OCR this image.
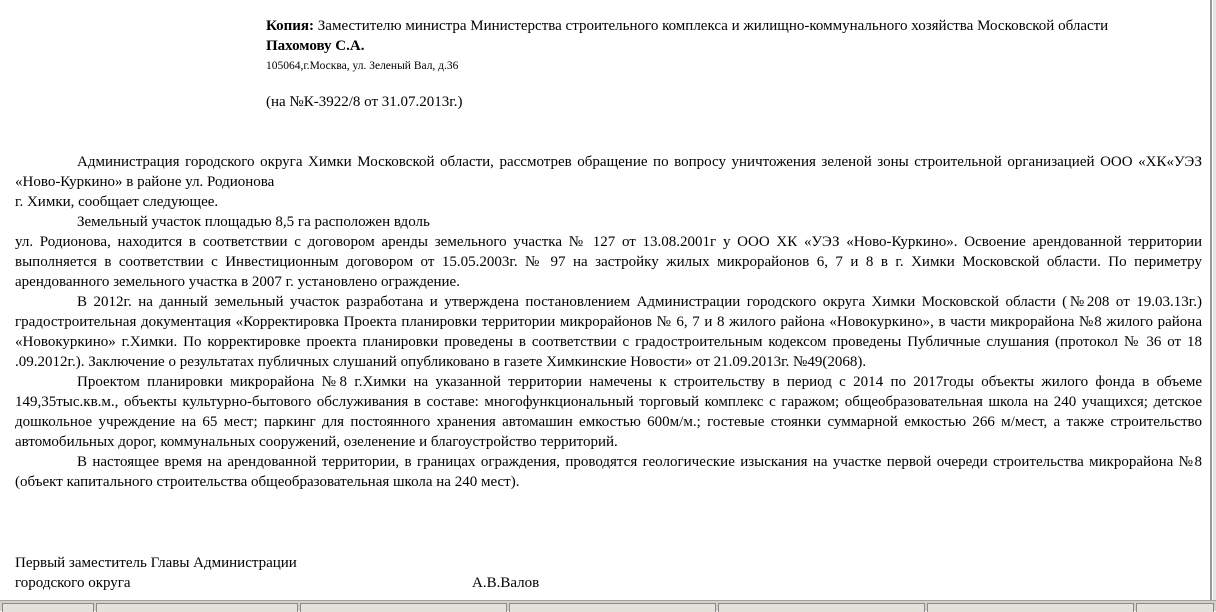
Копия: Заместителю министра Министерства строительного комплекса и жилищно-коммунального хозяйства Московской области
Пахомову С.А.
105064,г.Москва, ул. Зеленый Вал, д.36
(на №К-3922/8 от 31.07.2013г.)

Администрация городского округа Химки Московской области, рассмотрев обращение по вопросу уничтожения зеленой зоны строительной организацией ООО «ХК«УЭЗ «Ново-Куркино» в районе ул. Родионова

г. Химки, сообщает следующее.

Земельный участок площадью 8,5 га расположен вдоль

ул. Родионова, находится в соответствии с договором аренды земельного участка № 127 от 13.08.2001г у ООО ХК «УЭЗ «Ново-Куркино». Освоение арендованной территории выполняется в соответствии с Инвестиционным договором от 15.05.2003г. № 97 на застройку жилых микрорайонов 6, 7 и 8 в г. Химки Московской области. По периметру арендованного земельного участка в 2007 г. установлено ограждение.

В 2012г. на данный земельный участок разработана и утверждена постановлением Администрации городского округа Химки Московской области (№208 от 19.03.13г.) градостроительная документация «Корректировка Проекта планировки территории микрорайонов № 6, 7 и 8 жилого района «Новокуркино», в части микрорайона №8 жилого района «Новокуркино» г.Химки. По корректировке проекта планировки проведены в соответствии с градостроительным кодексом проведены Публичные слушания (протокол № 36 от 18 .09.2012г.). Заключение о результатах публичных слушаний опубликовано в газете Химкинские Новости» от 21.09.2013г. №49(2068).

Проектом планировки микрорайона №8 г.Химки на указанной территории намечены к строительству в период с 2014 по 2017годы объекты жилого фонда в объеме 149,35тыс.кв.м., объекты культурно-бытового обслуживания в составе: многофункциональный торговый комплекс с гаражом; общеобразовательная школа на 240 учащихся; детское дошкольное учреждение на 65 мест; паркинг для постоянного хранения автомашин емкостью 600м/м.; гостевые стоянки суммарной емкостью 266 м/мест, а также строительство автомобильных дорог, коммунальных сооружений, озеленение и благоустройство территорий.

В настоящее время на арендованной территории, в границах ограждения, проводятся геологические изыскания на участке первой очереди строительства микрорайона №8 (объект капитального строительства общеобразовательная школа на 240 мест).

Первый заместитель Главы Администрации
городского округа	А.В.Валов
